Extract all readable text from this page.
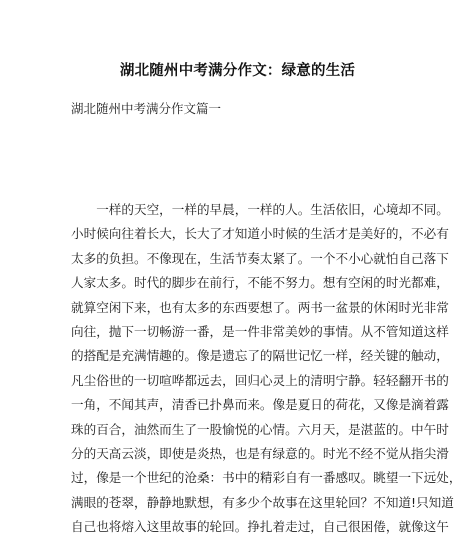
湖北随州中考满分作文：绿意的生活
湖北随州中考满分作文篇一
　　一样的天空，一样的早晨，一样的人。生活依旧，心境却不同。
小时候向往着长大，长大了才知道小时候的生活才是美好的，不必有
太多的负担。不像现在，生活节奏太紧了。一个不小心就怕自己落下
人家太多。时代的脚步在前行，不能不努力。想有空闲的时光都难，
就算空闲下来，也有太多的东西要想了。两书一盆景的休闲时光非常
向往，抛下一切畅游一番，是一件非常美妙的事情。从不管知道这样
的搭配是充满情趣的。像是遗忘了的隔世记忆一样，经关键的触动，
凡尘俗世的一切喧哗都远去，回归心灵上的清明宁静。轻轻翻开书的
一角，不闻其声，清香已扑鼻而来。像是夏日的荷花，又像是滴着露
珠的百合，油然而生了一股愉悦的心情。六月天，是湛蓝的。中午时
分的天高云淡，即使是炎热，也是有绿意的。时光不经不觉从指尖滑
过，像是一个世纪的沧桑：书中的精彩自有一番感叹。眺望一下远处，
满眼的苍翠，静静地默想，有多少个故事在这里轮回？不知道!只知道
自己也将熔入这里故事的轮回。挣扎着走过，自己很困倦，就像这午
